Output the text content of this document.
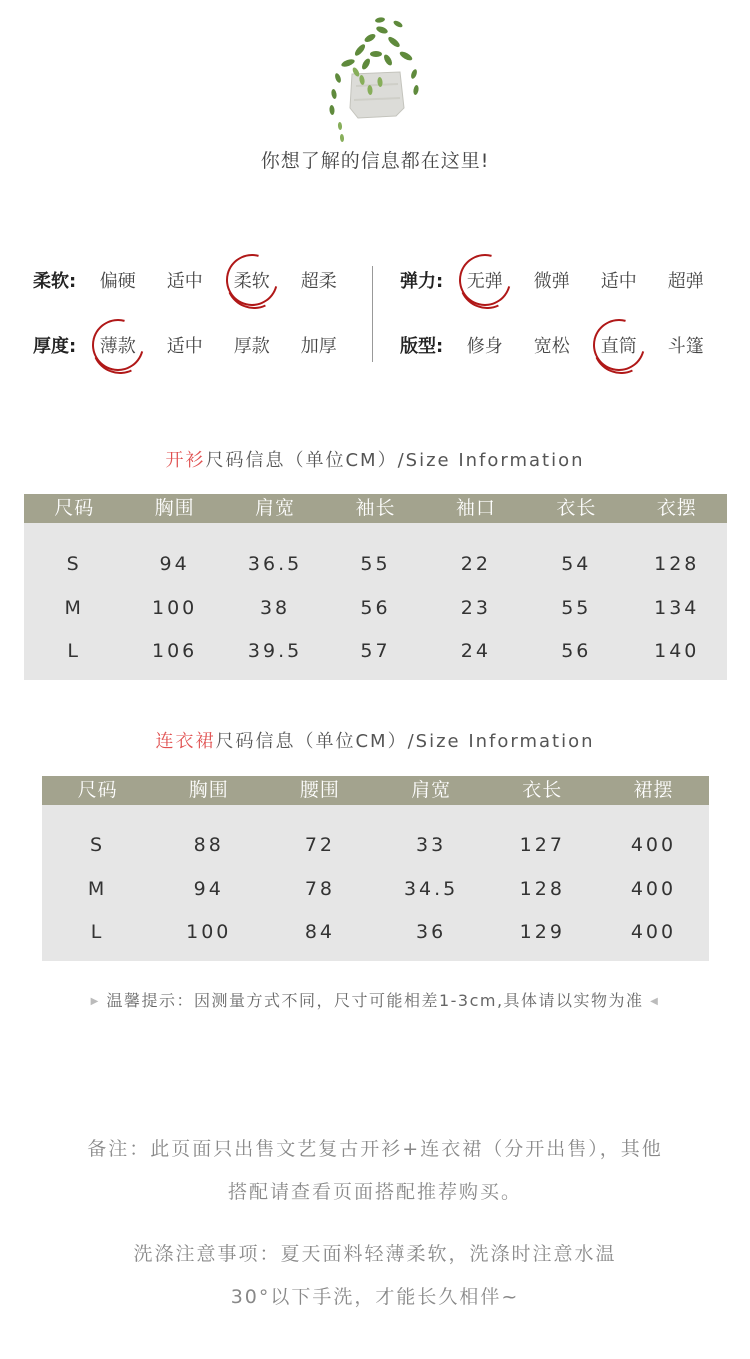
你想了解的信息都在这里!
柔软:	偏硬	适中	柔软	超柔
厚度:	薄款	适中	厚款	加厚
弹力:	无弹	微弹	适中	超弹
版型:	修身	宽松	直筒	斗篷
开衫尺码信息（单位CM）/Size Information
尺码	胸围	肩宽	袖长	袖口	衣长	衣摆
S	94	36.5	55	22	54	128
M	100	38	56	23	55	134
L	106	39.5	57	24	56	140
连衣裙尺码信息（单位CM）/Size Information
尺码	胸围	腰围	肩宽	衣长	裙摆
S	88	72	33	127	400
M	94	78	34.5	128	400
L	100	84	36	129	400
▶ 温馨提示：因测量方式不同，尺寸可能相差1-3cm,具体请以实物为准 ◀
备注：此页面只出售文艺复古开衫+连衣裙（分开出售），其他
搭配请查看页面搭配推荐购买。
洗涤注意事项：夏天面料轻薄柔软，洗涤时注意水温
30°以下手洗，才能长久相伴~
